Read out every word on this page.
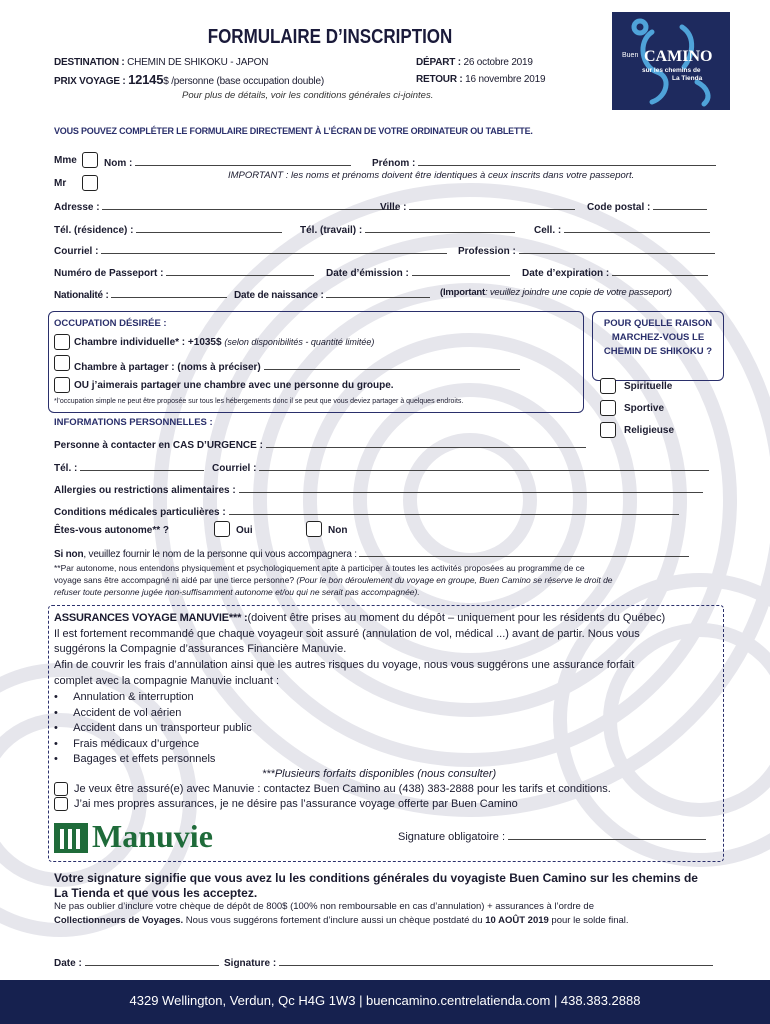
FORMULAIRE D’INSCRIPTION
DESTINATION : CHEMIN DE SHIKOKU - JAPON
PRIX VOYAGE : 12145$ /personne (base occupation double)
DÉPART : 26 octobre 2019
RETOUR : 16 novembre 2019
Pour plus de détails, voir les conditions générales ci-jointes.
Buen CAMINO
sur les chemins de
La Tienda
VOUS POUVEZ COMPLÉTER LE FORMULAIRE DIRECTEMENT À L’ÉCRAN DE VOTRE ORDINATEUR OU TABLETTE.
Mme
Mr
Nom :	Prénom :
IMPORTANT : les noms et prénoms doivent être identiques à ceux inscrits dans votre passeport.
Adresse :	Ville :	Code postal :
Tél. (résidence) :	Tél. (travail) :	Cell. :
Courriel :	Profession :
Numéro de Passeport :	Date d’émission :	Date d’expiration :
Nationalité :	Date de naissance :	(Important: veuillez joindre une copie de votre passeport)
OCCUPATION DÉSIRÉE :
Chambre individuelle* : +1035$ (selon disponibilités - quantité limitée)
Chambre à partager : (noms à préciser)
OU j’aimerais partager une chambre avec une personne du groupe.
*l’occupation simple ne peut être proposée sur tous les hébergements donc il se peut que vous deviez partager à quelques endroits.
POUR QUELLE RAISON MARCHEZ-VOUS LE CHEMIN DE SHIKOKU ?
Spirituelle
Sportive
Religieuse
INFORMATIONS PERSONNELLES :
Personne à contacter en CAS D’URGENCE :
Tél. :	Courriel :
Allergies ou restrictions alimentaires :
Conditions médicales particulières :
Êtes-vous autonome** ?	Oui	Non
Si non, veuillez fournir le nom de la personne qui vous accompagnera :
**Par autonome, nous entendons physiquement et psychologiquement apte à participer à toutes les activités proposées au programme de ce
voyage sans être accompagné ni aidé par une tierce personne? (Pour le bon déroulement du voyage en groupe, Buen Camino se réserve le droit de
refuser toute personne jugée non-suffisamment autonome et/ou qui ne serait pas accompagnée).
ASSURANCES VOYAGE MANUVIE*** :(doivent être prises au moment du dépôt – uniquement pour les résidents du Québec)
Il est fortement recommandé que chaque voyageur soit assuré (annulation de vol, médical ...) avant de partir. Nous vous
suggérons la Compagnie d’assurances Financière Manuvie.
Afin de couvrir les frais d’annulation ainsi que les autres risques du voyage, nous vous suggérons une assurance forfait
complet avec la compagnie Manuvie incluant :
•     Annulation & interruption
•     Accident de vol aérien
•     Accident dans un transporteur public
•     Frais médicaux d’urgence
•     Bagages et effets personnels
***Plusieurs forfaits disponibles (nous consulter)
Je veux être assuré(e) avec Manuvie : contactez Buen Camino au (438) 383-2888 pour les tarifs et conditions.
J’ai mes propres assurances, je ne désire pas l’assurance voyage offerte par Buen Camino
Manuvie	Signature obligatoire :
Votre signature signifie que vous avez lu les conditions générales du voyagiste Buen Camino sur les chemins de
La Tienda et que vous les acceptez.
Ne pas oublier d’inclure votre chèque de dépôt de 800$ (100% non remboursable en cas d’annulation) + assurances à l’ordre de
Collectionneurs de Voyages. Nous vous suggérons fortement d’inclure aussi un chèque postdaté du 10 AOÛT 2019 pour le solde final.
Date :	Signature :
4329 Wellington, Verdun, Qc H4G 1W3 | buencamino.centrelatienda.com | 438.383.2888
